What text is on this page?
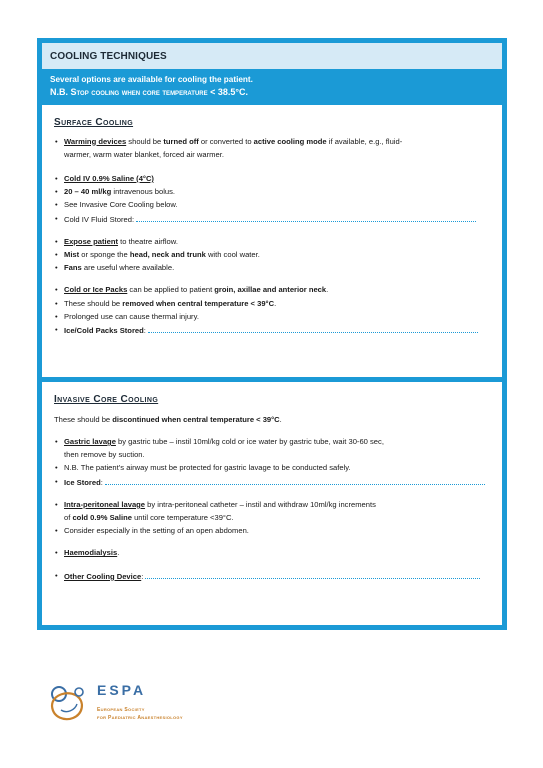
COOLING TECHNIQUES
Several options are available for cooling the patient.
N.B. Stop cooling when core temperature < 38.5°C.
Surface Cooling
• Warming devices should be turned off or converted to active cooling mode if available, e.g., fluid-
warmer, warm water blanket, forced air warmer.
• Cold IV 0.9% Saline (4°C)
• 20 – 40 ml/kg intravenous bolus.
• See Invasive Core Cooling below.
• Cold IV Fluid Stored:
• Expose patient to theatre airflow.
• Mist or sponge the head, neck and trunk with cool water.
• Fans are useful where available.
• Cold or Ice Packs can be applied to patient groin, axillae and anterior neck.
• These should be removed when central temperature < 39°C.
• Prolonged use can cause thermal injury.
• Ice/Cold Packs Stored:
Invasive Core Cooling
These should be discontinued when central temperature < 39°C.
• Gastric lavage by gastric tube – instil 10ml/kg cold or ice water by gastric tube, wait 30-60 sec,
then remove by suction.
• N.B. The patient’s airway must be protected for gastric lavage to be conducted safely.
• Ice Stored:
• Intra-peritoneal lavage by intra-peritoneal catheter – instil and withdraw 10ml/kg increments
of cold 0.9% Saline until core temperature <39°C.
• Consider especially in the setting of an open abdomen.
• Haemodialysis.
• Other Cooling Device:
ESPA
European Society
for Paediatric Anaesthesiology
